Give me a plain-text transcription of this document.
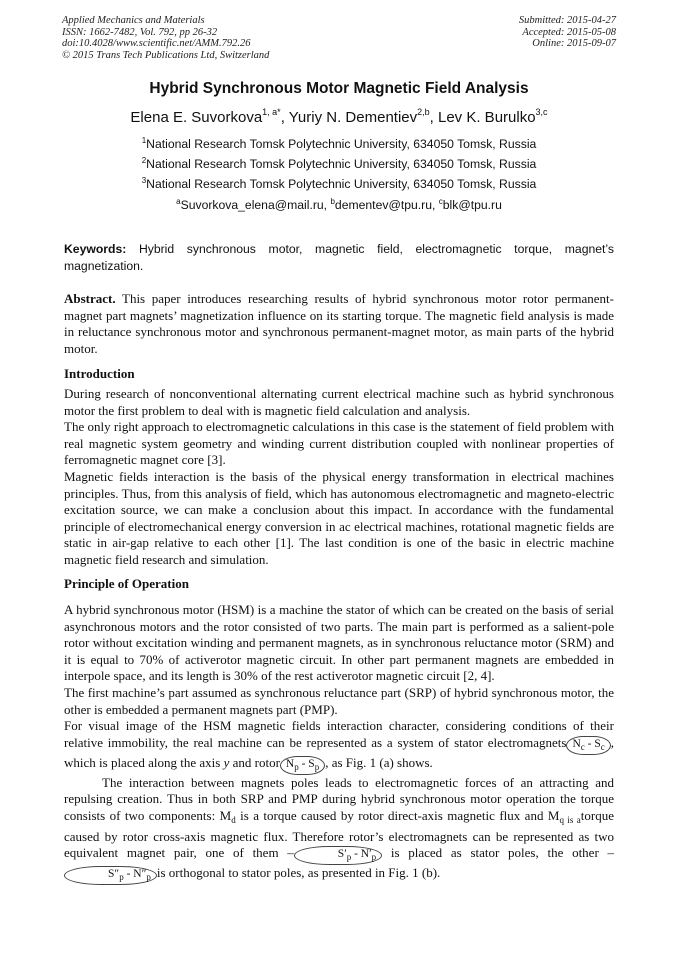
Applied Mechanics and Materials
ISSN: 1662-7482, Vol. 792, pp 26-32
doi:10.4028/www.scientific.net/AMM.792.26
© 2015 Trans Tech Publications Ltd, Switzerland
Submitted: 2015-04-27
Accepted: 2015-05-08
Online: 2015-09-07
Hybrid Synchronous Motor Magnetic Field Analysis
Elena E. Suvorkova$^{1, a*}$, Yuriy N. Dementiev$^{2,b}$, Lev K. Burulko$^{3,c}$
$^1$National Research Tomsk Polytechnic University, 634050 Tomsk, Russia
$^2$National Research Tomsk Polytechnic University, 634050 Tomsk, Russia
$^3$National Research Tomsk Polytechnic University, 634050 Tomsk, Russia
$^a$Suvorkova_elena@mail.ru, $^b$dementev@tpu.ru, $^c$blk@tpu.ru
Keywords: Hybrid synchronous motor, magnetic field, electromagnetic torque, magnet’s magnetization.

Abstract. This paper introduces researching results of hybrid synchronous motor rotor permanent-magnet part magnets’ magnetization influence on its starting torque. The magnetic field analysis is made in reluctance synchronous motor and synchronous permanent-magnet motor, as main parts of the hybrid motor.

Introduction

During research of nonconventional alternating current electrical machine such as hybrid synchronous motor the first problem to deal with is magnetic field calculation and analysis.

The only right approach to electromagnetic calculations in this case is the statement of field problem with real magnetic system geometry and winding current distribution coupled with nonlinear properties of ferromagnetic magnet core [3].

Magnetic fields interaction is the basis of the physical energy transformation in electrical machines principles. Thus, from this analysis of field, which has autonomous electromagnetic and magneto-electric excitation source, we can make a conclusion about this impact. In accordance with the fundamental principle of electromechanical energy conversion in ac electrical machines, rotational magnetic fields are static in air-gap relative to each other [1]. The last condition is one of the basic in electric machine magnetic field research and simulation.

Principle of Operation

A hybrid synchronous motor (HSM) is a machine the stator of which can be created on the basis of serial asynchronous motors and the rotor consisted of two parts. The main part is performed as a salient-pole rotor without excitation winding and permanent magnets, as in synchronous reluctance motor (SRM) and it is equal to 70% of activerotor magnetic circuit. In other part permanent magnets are embedded in interpole space, and its length is 30% of the rest activerotor magnetic circuit [2, 4].

The first machine’s part assumed as synchronous reluctance part (SRP) of hybrid synchronous motor, the other is embedded a permanent magnets part (PMP).

For visual image of the HSM magnetic fields interaction character, considering conditions of their relative immobility, the real machine can be represented as a system of stator electromagnets $N_c - S_c$ , which is placed along the axis y and rotor $N_p - S_p$ , as Fig. 1 (a) shows.

The interaction between magnets poles leads to electromagnetic forces of an attracting and repulsing creation. Thus in both SRP and PMP during hybrid synchronous motor operation the torque consists of two components: $M_d$ is a torque caused by rotor direct-axis magnetic flux and $M_q$ $_{is a}$torque caused by rotor cross-axis magnetic flux. Therefore rotor’s electromagnets can be represented as two equivalent magnet pair, one of them –	$S'_p - N'_p$ is placed as stator poles, the other $-S''_p - N''_p$ is orthogonal to stator poles, as presented in Fig. 1 (b).
